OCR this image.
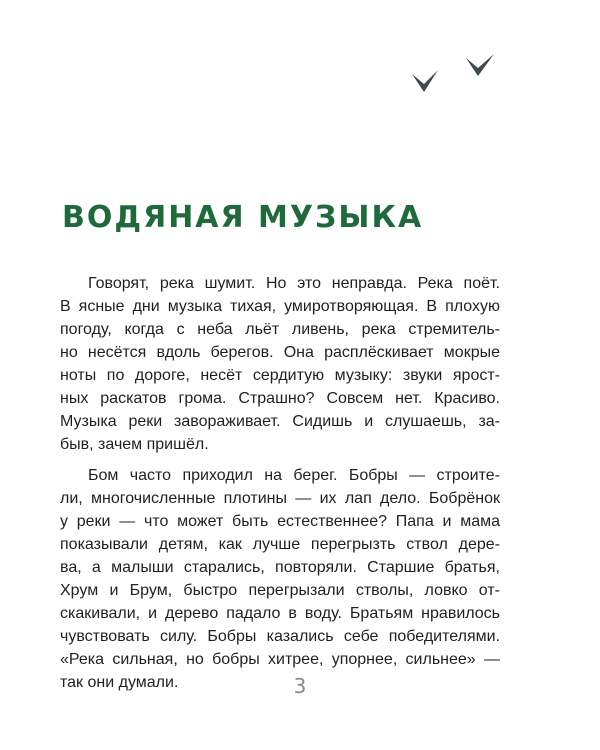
ВОДЯНАЯ МУЗЫКА
Говорят, река шумит. Но это неправда. Река поёт.
В ясные дни музыка тихая, умиротворяющая. В плохую
погоду, когда с неба льёт ливень, река стремитель-
но несётся вдоль берегов. Она расплёскивает мокрые
ноты по дороге, несёт сердитую музыку: звуки ярост-
ных раскатов грома. Страшно? Совсем нет. Красиво.
Музыка реки завораживает. Сидишь и слушаешь, за-
быв, зачем пришёл.
Бом часто приходил на берег. Бобры — строите-
ли, многочисленные плотины — их лап дело. Бобрёнок
у реки — что может быть естественнее? Папа и мама
показывали детям, как лучше перегрызть ствол дере-
ва, а малыши старались, повторяли. Старшие братья,
Хрум и Брум, быстро перегрызали стволы, ловко от-
скакивали, и дерево падало в воду. Братьям нравилось
чувствовать силу. Бобры казались себе победителями.
«Река сильная, но бобры хитрее, упорнее, сильнее» —
так они думали.	3
